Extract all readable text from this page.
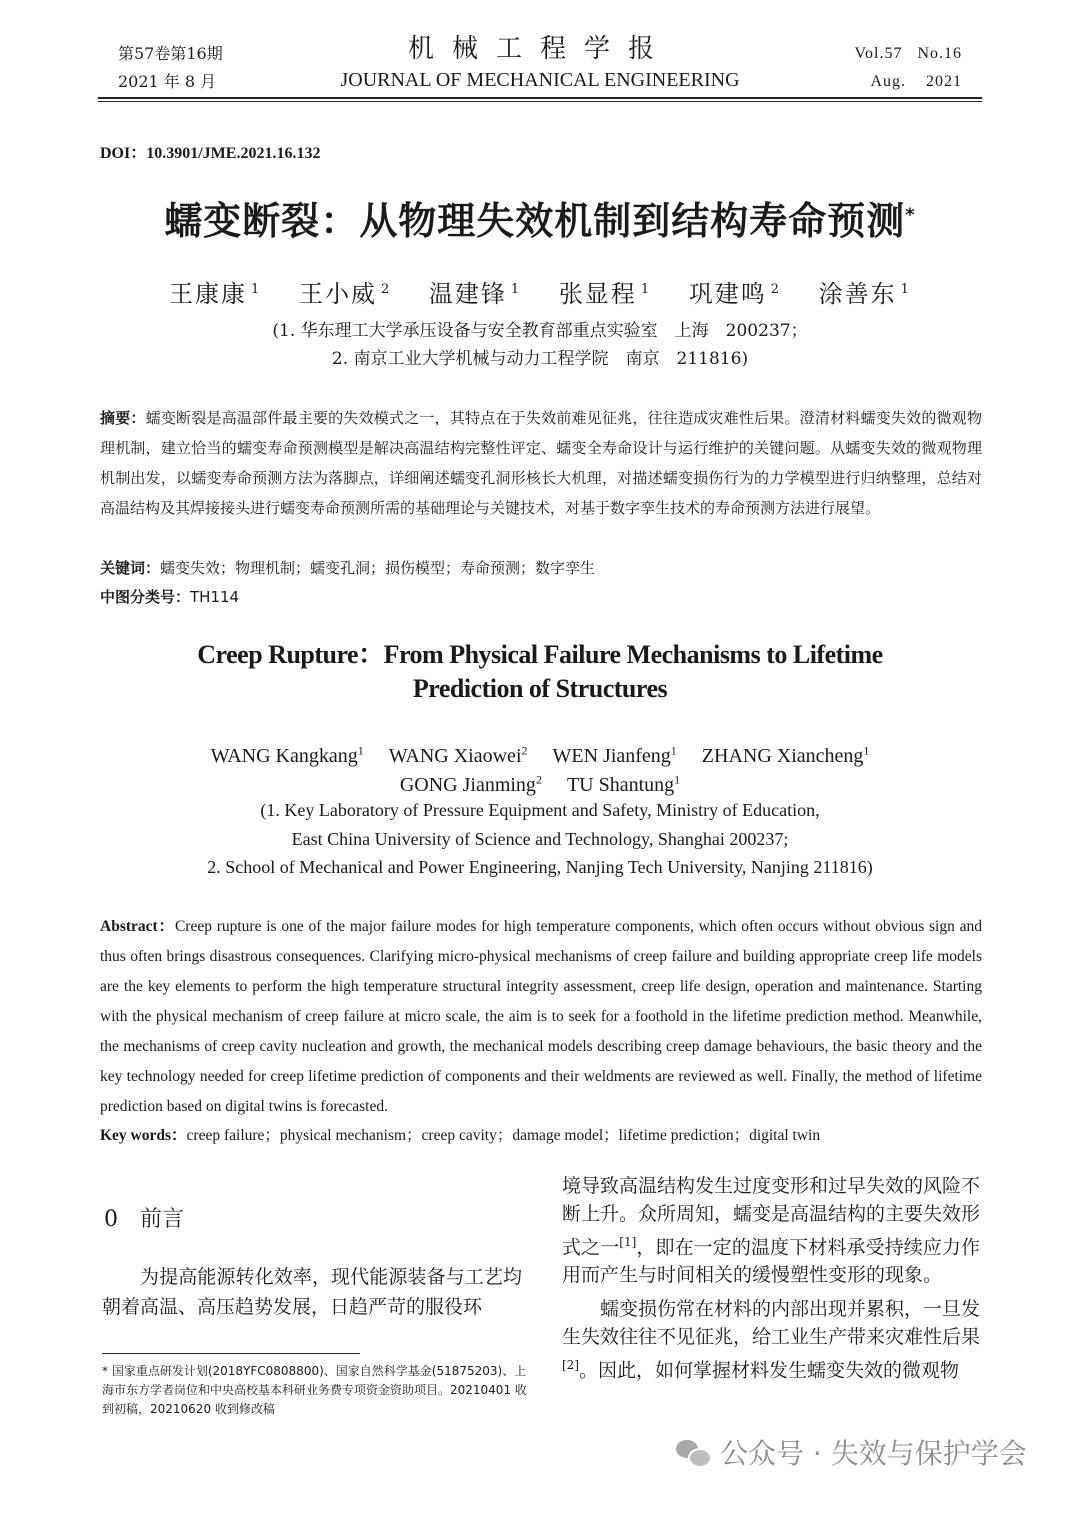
第57卷第16期
2021 年 8 月
机械工程学报
JOURNAL OF MECHANICAL ENGINEERING
Vol.57   No.16
Aug.    2021
DOI：10.3901/JME.2021.16.132
蠕变断裂：从物理失效机制到结构寿命预测*
王康康 $^1$ 王小威 $^2$ 温建锋 $^1$ 张显程 $^1$ 巩建鸣 $^2$ 涂善东 $^1$
(1. 华东理工大学承压设备与安全教育部重点实验室　上海　200237；
2. 南京工业大学机械与动力工程学院　南京　211816)
摘要：蠕变断裂是高温部件最主要的失效模式之一，其特点在于失效前难见征兆，往往造成灾难性后果。澄清材料蠕变失效的微观物理机制，建立恰当的蠕变寿命预测模型是解决高温结构完整性评定、蠕变全寿命设计与运行维护的关键问题。从蠕变失效的微观物理机制出发，以蠕变寿命预测方法为落脚点，详细阐述蠕变孔洞形核长大机理，对描述蠕变损伤行为的力学模型进行归纳整理，总结对高温结构及其焊接接头进行蠕变寿命预测所需的基础理论与关键技术，对基于数字孪生技术的寿命预测方法进行展望。
关键词：蠕变失效；物理机制；蠕变孔洞；损伤模型；寿命预测；数字孪生
中图分类号：TH114
Creep Rupture：From Physical Failure Mechanisms to Lifetime
Prediction of Structures
WANG Kangkang$^1$ WANG Xiaowei$^2$ WEN Jianfeng$^1$ ZHANG Xiancheng$^1$
GONG Jianming$^2$ TU Shantung$^1$
(1. Key Laboratory of Pressure Equipment and Safety, Ministry of Education,
East China University of Science and Technology, Shanghai 200237;
2. School of Mechanical and Power Engineering, Nanjing Tech University, Nanjing 211816)
Abstract：Creep rupture is one of the major failure modes for high temperature components, which often occurs without obvious sign and thus often brings disastrous consequences. Clarifying micro-physical mechanisms of creep failure and building appropriate creep life models are the key elements to perform the high temperature structural integrity assessment, creep life design, operation and maintenance. Starting with the physical mechanism of creep failure at micro scale, the aim is to seek for a foothold in the lifetime prediction method. Meanwhile, the mechanisms of creep cavity nucleation and growth, the mechanical models describing creep damage behaviours, the basic theory and the key technology needed for creep lifetime prediction of components and their weldments are reviewed as well. Finally, the method of lifetime prediction based on digital twins is forecasted.
Key words：creep failure；physical mechanism；creep cavity；damage model；lifetime prediction；digital twin
0 前言

为提高能源转化效率，现代能源装备与工艺均朝着高温、高压趋势发展，日趋严苛的服役环

境导致高温结构发生过度变形和过早失效的风险不断上升。众所周知，蠕变是高温结构的主要失效形式之一[1]，即在一定的温度下材料承受持续应力作用而产生与时间相关的缓慢塑性变形的现象。

蠕变损伤常在材料的内部出现并累积，一旦发生失效往往不见征兆，给工业生产带来灾难性后果[2]。因此，如何掌握材料发生蠕变失效的微观物

* 国家重点研发计划(2018YFC0808800)、国家自然科学基金(51875203)、上海市东方学者岗位和中央高校基本科研业务费专项资金资助项目。20210401 收到初稿，20210620 收到修改稿
公众号 · 失效与保护学会
